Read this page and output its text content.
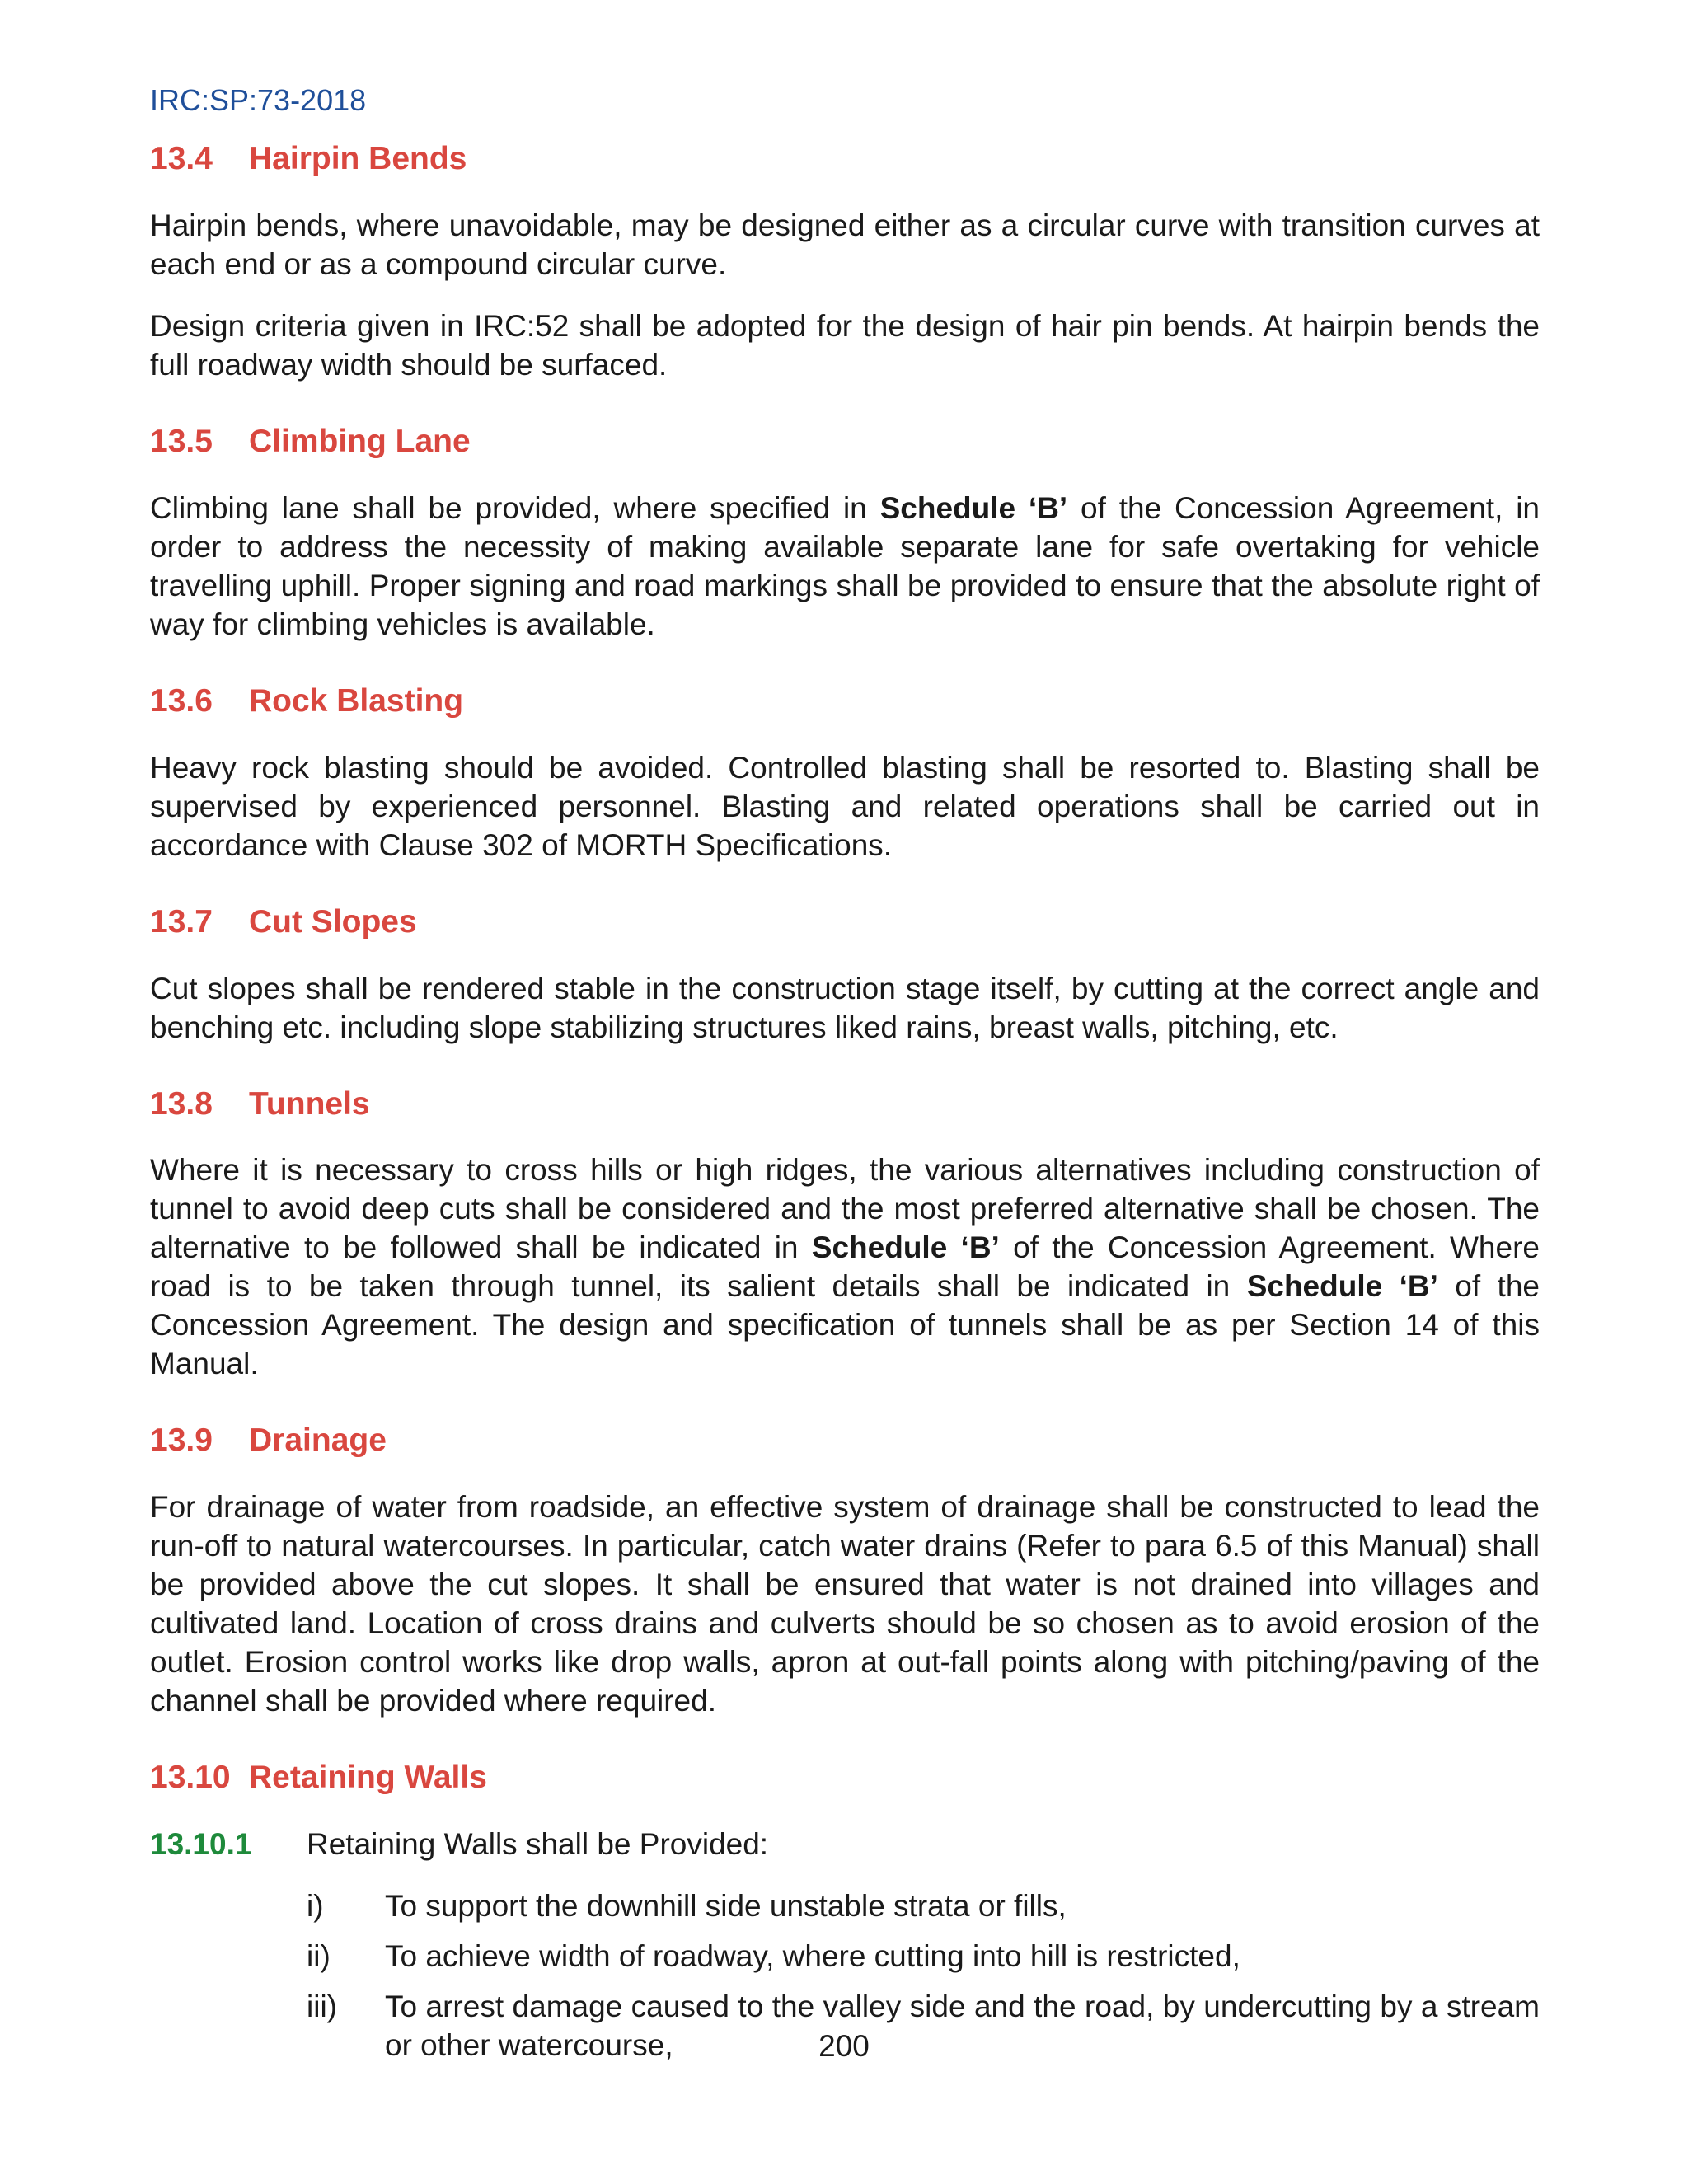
IRC:SP:73-2018
13.4 Hairpin Bends

Hairpin bends, where unavoidable, may be designed either as a circular curve with transition curves at each end or as a compound circular curve.

Design criteria given in IRC:52 shall be adopted for the design of hair pin bends. At hairpin bends the full roadway width should be surfaced.

13.5 Climbing Lane

Climbing lane shall be provided, where specified in Schedule ‘B’ of the Concession Agreement, in order to address the necessity of making available separate lane for safe overtaking for vehicle travelling uphill. Proper signing and road markings shall be provided to ensure that the absolute right of way for climbing vehicles is available.

13.6 Rock Blasting

Heavy rock blasting should be avoided. Controlled blasting shall be resorted to. Blasting shall be supervised by experienced personnel. Blasting and related operations shall be carried out in accordance with Clause 302 of MORTH Specifications.

13.7 Cut Slopes

Cut slopes shall be rendered stable in the construction stage itself, by cutting at the correct angle and benching etc. including slope stabilizing structures liked rains, breast walls, pitching, etc.

13.8 Tunnels

Where it is necessary to cross hills or high ridges, the various alternatives including construction of tunnel to avoid deep cuts shall be considered and the most preferred alternative shall be chosen. The alternative to be followed shall be indicated in Schedule ‘B’ of the Concession Agreement. Where road is to be taken through tunnel, its salient details shall be indicated in Schedule ‘B’ of the Concession Agreement. The design and specification of tunnels shall be as per Section 14 of this Manual.

13.9 Drainage

For drainage of water from roadside, an effective system of drainage shall be constructed to lead the run-off to natural watercourses. In particular, catch water drains (Refer to para 6.5 of this Manual) shall be provided above the cut slopes. It shall be ensured that water is not drained into villages and cultivated land. Location of cross drains and culverts should be so chosen as to avoid erosion of the outlet. Erosion control works like drop walls, apron at out-fall points along with pitching/paving of the channel shall be provided where required.

13.10 Retaining Walls
13.10.1	Retaining Walls shall be Provided:
i)	To support the downhill side unstable strata or fills,
ii)	To achieve width of roadway, where cutting into hill is restricted,
iii)	To arrest damage caused to the valley side and the road, by undercutting by a stream or other watercourse,	200
